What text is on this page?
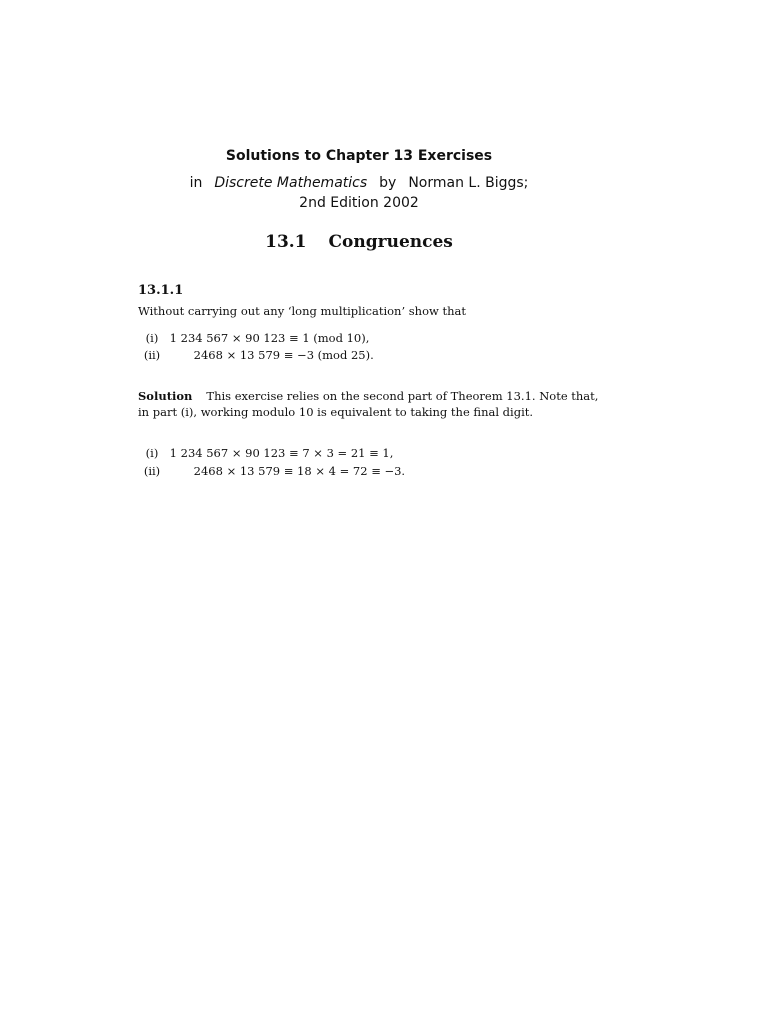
Solutions to Chapter 13 Exercises
in Discrete Mathematics by Norman L. Biggs;
2nd Edition 2002
13.1 Congruences
13.1.1
Without carrying out any ‘long multiplication’ show that
(i) 1 234 567 × 90 123 ≡ 1 (mod 10),
(ii)	2468 × 13 579 ≡ −3 (mod 25).
Solution This exercise relies on the second part of Theorem 13.1. Note that,
in part (i), working modulo 10 is equivalent to taking the final digit.
(i) 1 234 567 × 90 123 ≡ 7 × 3 = 21 ≡ 1,
(ii)	2468 × 13 579 ≡ 18 × 4 = 72 ≡ −3.
